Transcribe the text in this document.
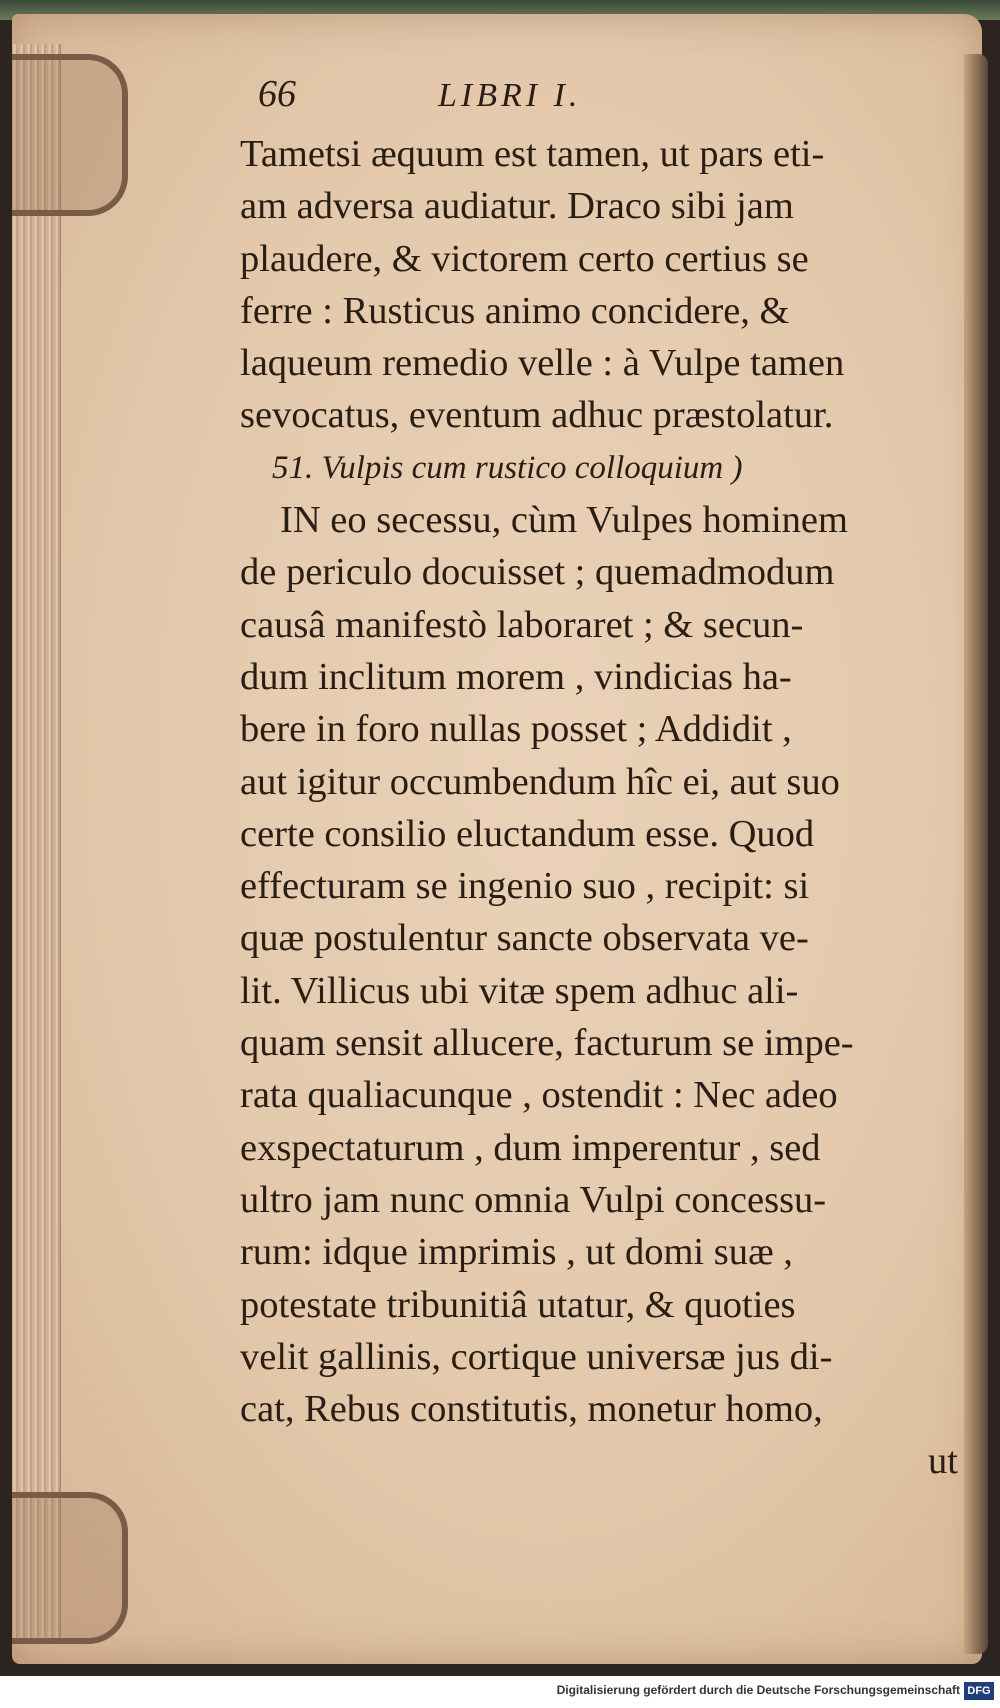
66	LIBRI I.
Tametsi æquum est tamen, ut pars eti-
am adversa audiatur. Draco sibi jam
plaudere, & victorem certo certius se
ferre : Rusticus animo concidere, &
laqueum remedio velle : à Vulpe tamen
sevocatus, eventum adhuc præstolatur.
51. Vulpis cum rustico colloquium )
IN eo secessu, cùm Vulpes hominem
de periculo docuisset ; quemadmodum
causâ manifestò laboraret ; & secun-
dum inclitum morem , vindicias ha-
bere in foro nullas posset ; Addidit ,
aut igitur occumbendum hîc ei, aut suo
certe consilio eluctandum esse. Quod
effecturam se ingenio suo , recipit: si
quæ postulentur sancte observata ve-
lit. Villicus ubi vitæ spem adhuc ali-
quam sensit allucere, facturum se impe-
rata qualiacunque , ostendit : Nec adeo
exspectaturum , dum imperentur , sed
ultro jam nunc omnia Vulpi concessu-
rum: idque imprimis , ut domi suæ ,
potestate tribunitiâ utatur, & quoties
velit gallinis, cortique universæ jus di-
cat, Rebus constitutis, monetur homo,
ut
Digitalisierung gefördert durch die Deutsche Forschungsgemeinschaft DFG
